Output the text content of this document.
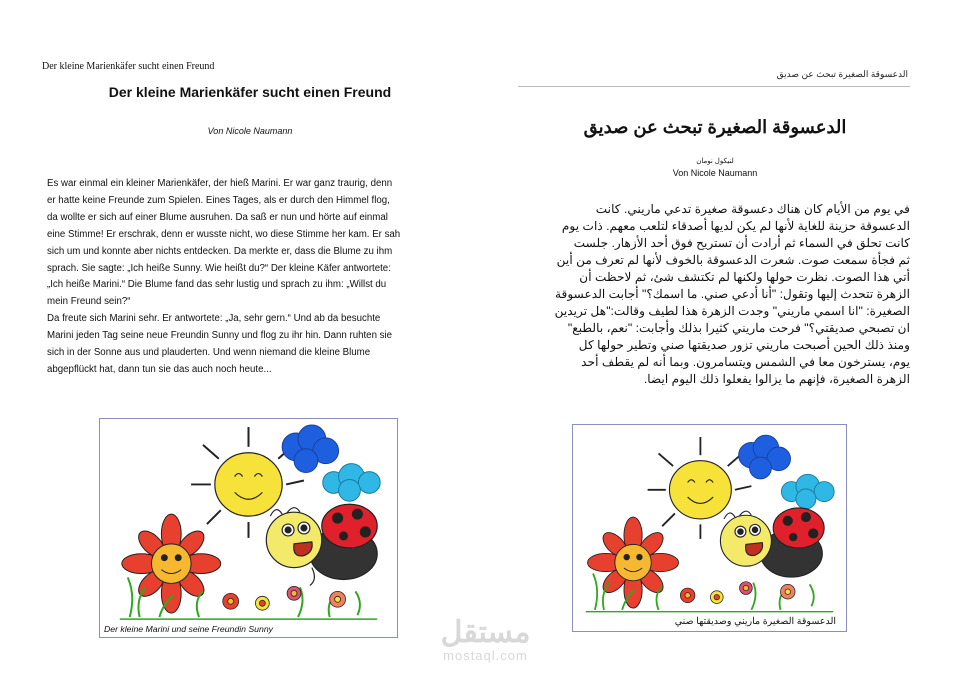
Der kleine Marienkäfer sucht einen Freund
Der kleine Marienkäfer sucht einen Freund
Von Nicole Naumann
Es war einmal ein kleiner Marienkäfer, der hieß Marini. Er war ganz traurig, denn
er hatte keine Freunde zum Spielen. Eines Tages, als er durch den Himmel flog,
da wollte er sich auf einer Blume ausruhen. Da saß er nun und hörte auf einmal
eine Stimme! Er erschrak, denn er wusste nicht, wo diese Stimme her kam. Er sah
sich um und konnte aber nichts entdecken. Da merkte er, dass die Blume zu ihm
sprach. Sie sagte: „Ich heiße Sunny. Wie heißt du?“ Der kleine Käfer antwortete:
„Ich heiße Marini.“ Die Blume fand das sehr lustig und sprach zu ihm: „Willst du
mein Freund sein?“
Da freute sich Marini sehr. Er antwortete: „Ja, sehr gern.“ Und ab da besuchte
Marini jeden Tag seine neue Freundin Sunny und flog zu ihr hin. Dann ruhten sie
sich in der Sonne aus und plauderten. Und wenn niemand die kleine Blume
abgepflückt hat, dann tun sie das auch noch heute...
Der kleine Marini und seine Freundin Sunny
الدعسوقة الصغيرة تبحث عن صديق
الدعسوقة الصغيرة تبحث عن صديق
لنيكول نومان
Von Nicole Naumann
في يوم من الأيام كان هناك دعسوقة صغيرة تدعي ماريني. كانت
الدعسوقة حزينة للغاية لأنها لم يكن لديها أصدقاء لتلعب معهم. ذات يوم
كانت تحلق في السماء ثم أرادت أن تستريح فوق أحد الأزهار. جلست
ثم فجأة سمعت صوت. شعرت الدعسوقة بالخوف لأنها لم تعرف من أين
أتي هذا الصوت. نظرت حولها ولكنها لم تكتشف شئ، ثم لاحظت أن
الزهرة تتحدث إليها وتقول: "أنا أدعي صني. ما اسمك؟" أجابت الدعسوقة
الصغيرة: "انا اسمي ماريني" وجدت الزهرة هذا لطيف وقالت:"هل تريدين
ان تصبحي صديقتي؟" فرحت ماريني كثيرا بذلك وأجابت: "نعم، بالطبع"
ومنذ ذلك الحين أصبحت ماريني تزور صديقتها صني وتطير حولها كل
يوم، يسترخون معا في الشمس ويتسامرون. وبما أنه لم يقطف أحد
الزهرة الصغيرة، فإنهم ما يزالوا يفعلوا ذلك اليوم ايضا.
الدعسوقة الصغيرة ماريني وصديقتها صني
مستقل
mostaql.com
